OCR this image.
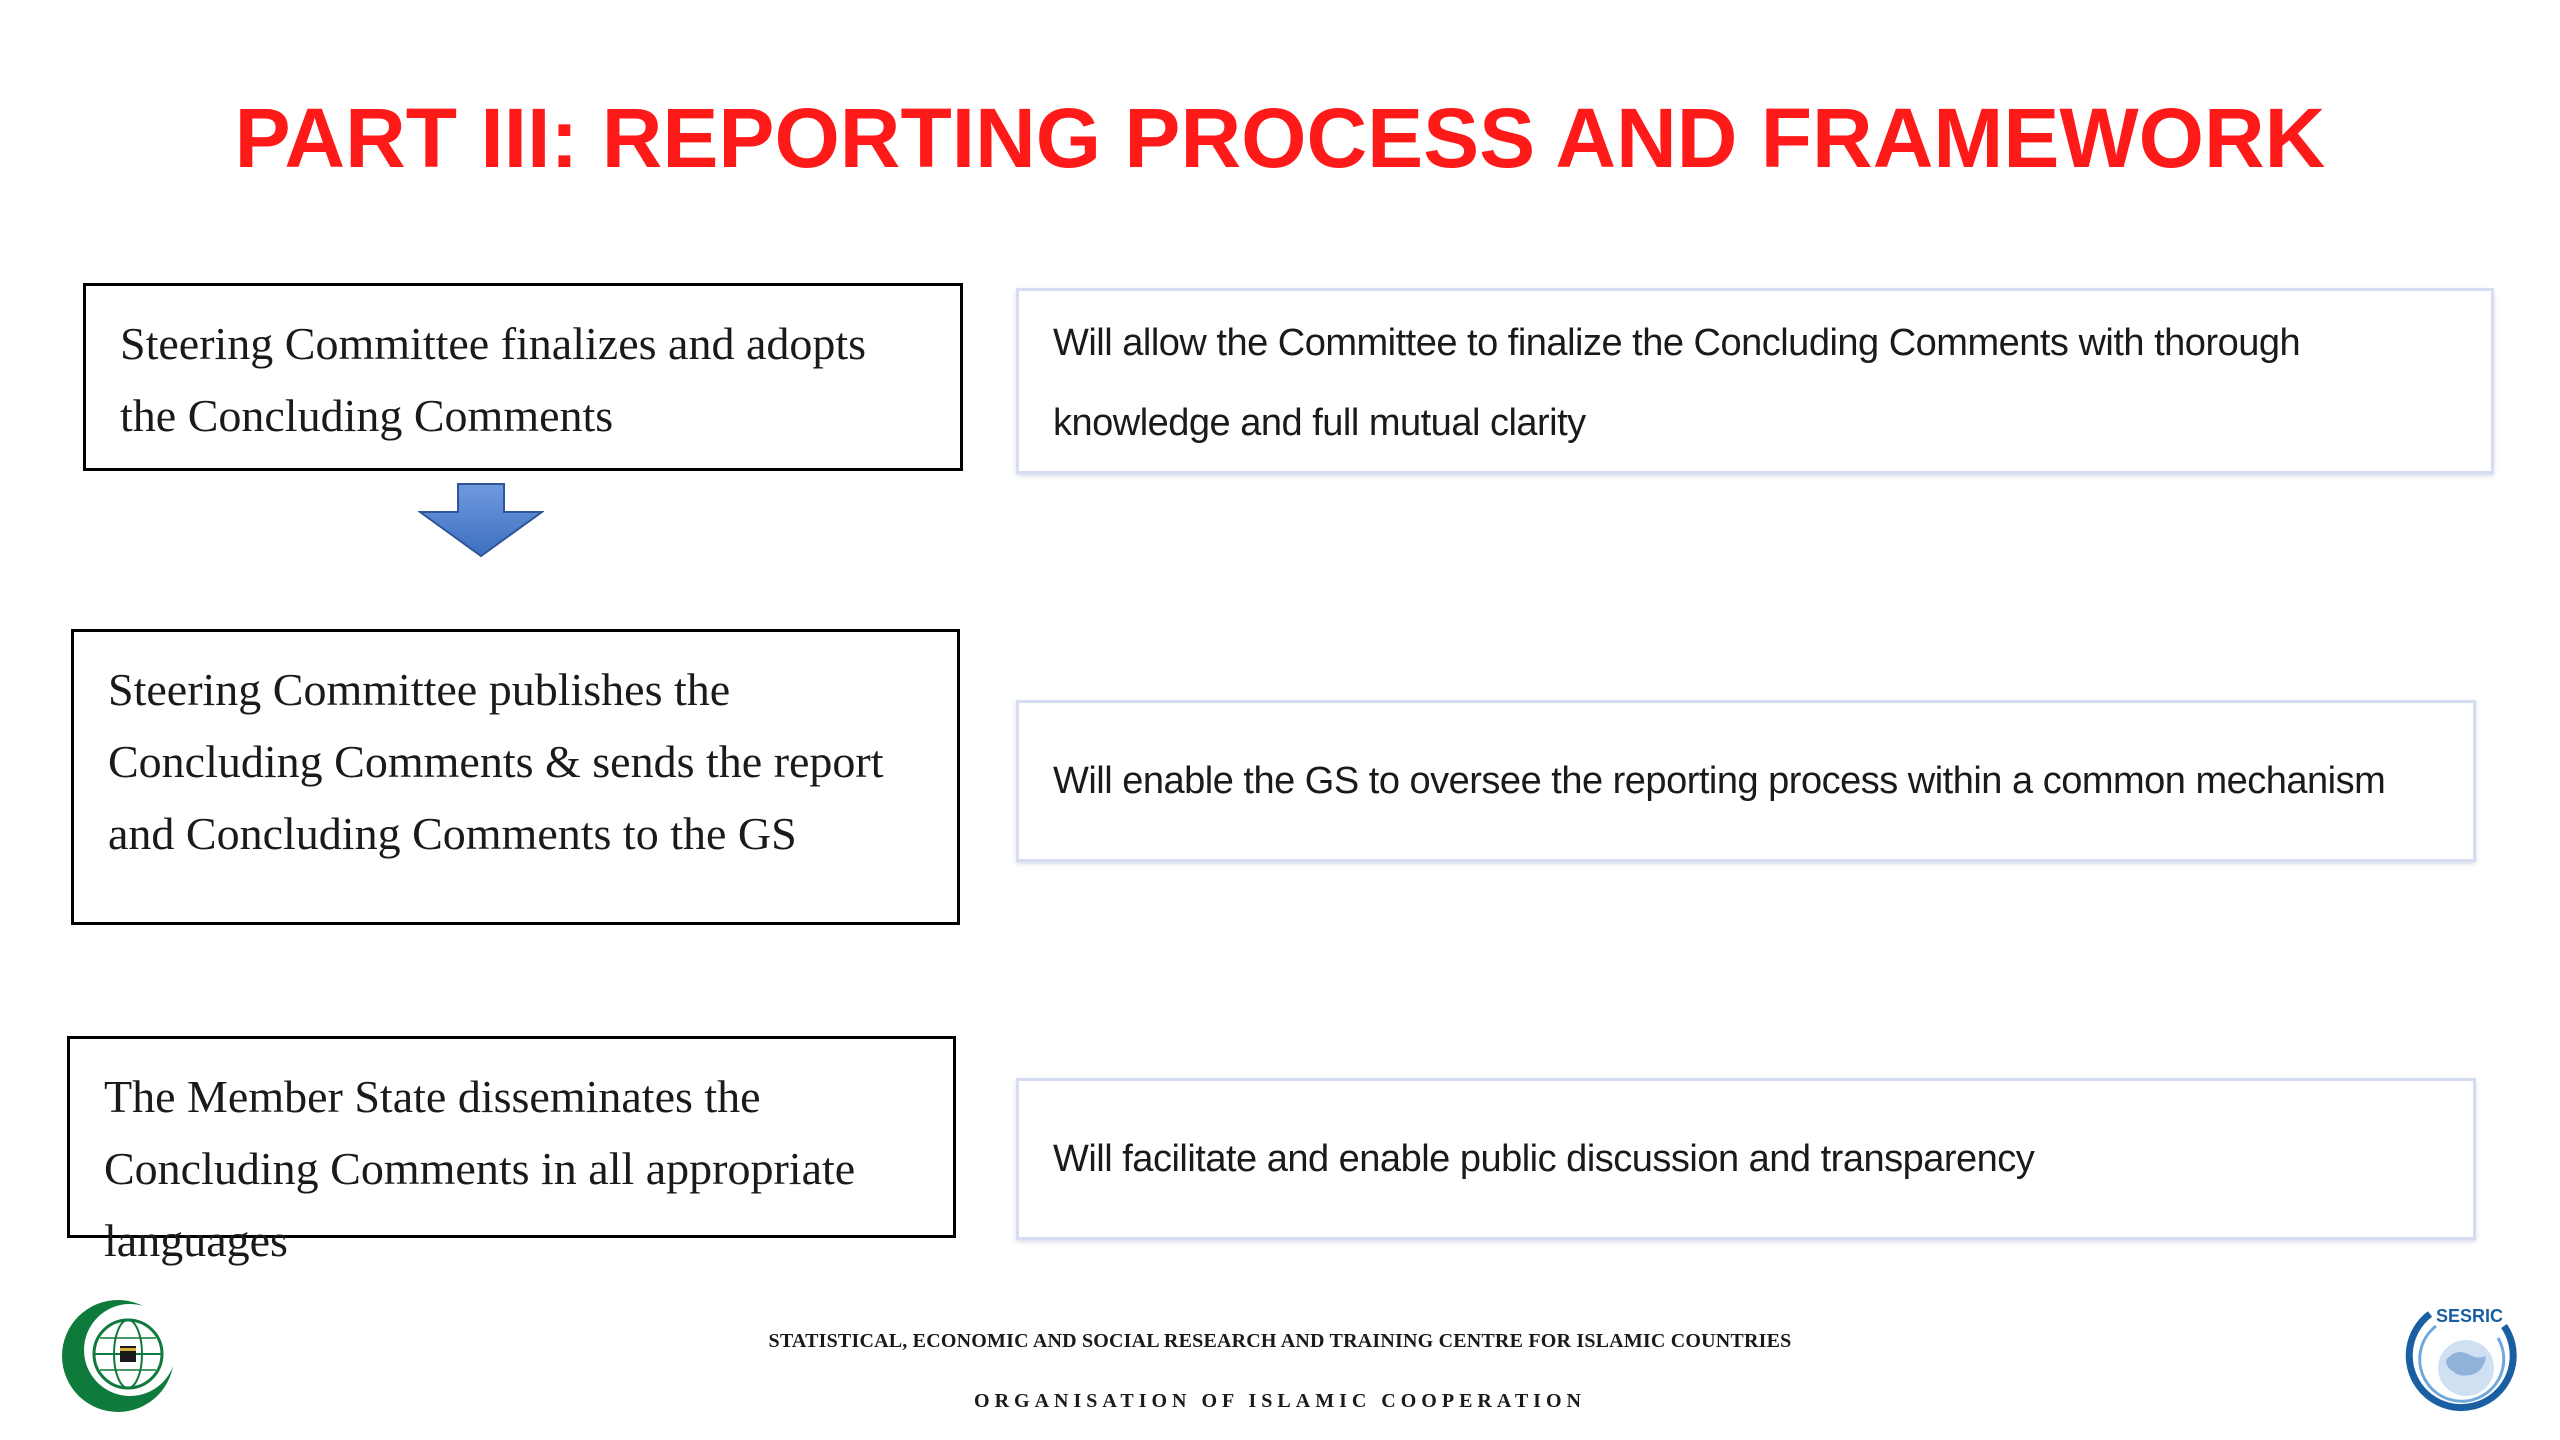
PART III: REPORTING PROCESS AND FRAMEWORK
Steering Committee finalizes and adopts the Concluding Comments
Will allow the Committee to finalize the Concluding Comments with thorough knowledge and full mutual clarity
Steering Committee publishes the Concluding Comments & sends the report and Concluding Comments to the GS
Will enable the GS to oversee the reporting process within a common mechanism
The Member State disseminates the Concluding Comments in all appropriate languages
Will facilitate and enable public discussion and transparency
STATISTICAL, ECONOMIC AND SOCIAL RESEARCH AND TRAINING CENTRE FOR ISLAMIC COUNTRIES
ORGANISATION OF ISLAMIC COOPERATION
SESRIC
